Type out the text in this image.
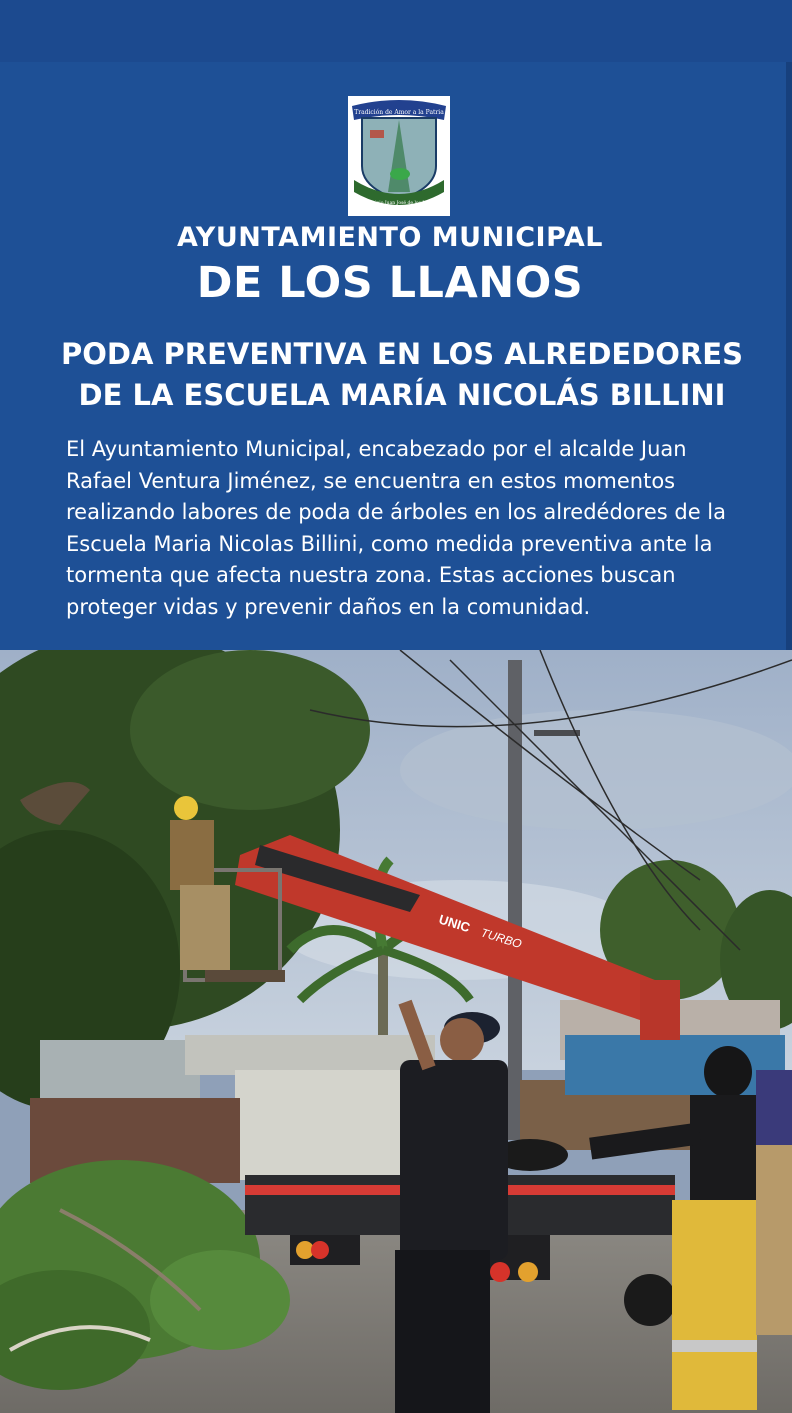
Tradición de Amor a la Patria
Municipio Juan José de los Llanos
AYUNTAMIENTO MUNICIPAL
DE LOS LLANOS
PODA PREVENTIVA EN LOS ALREDEDORES
DE LA ESCUELA MARÍA NICOLÁS BILLINI
El Ayuntamiento Municipal, encabezado por el alcalde Juan Rafael Ventura Jiménez, se encuentra en estos momentos realizando labores de poda de árboles en los alredédores de la Escuela Maria Nicolas Billini, como medida preventiva ante la tormenta que afecta nuestra zona. Estas acciones buscan proteger vidas y prevenir daños en la comunidad.
UNIC
TURBO
